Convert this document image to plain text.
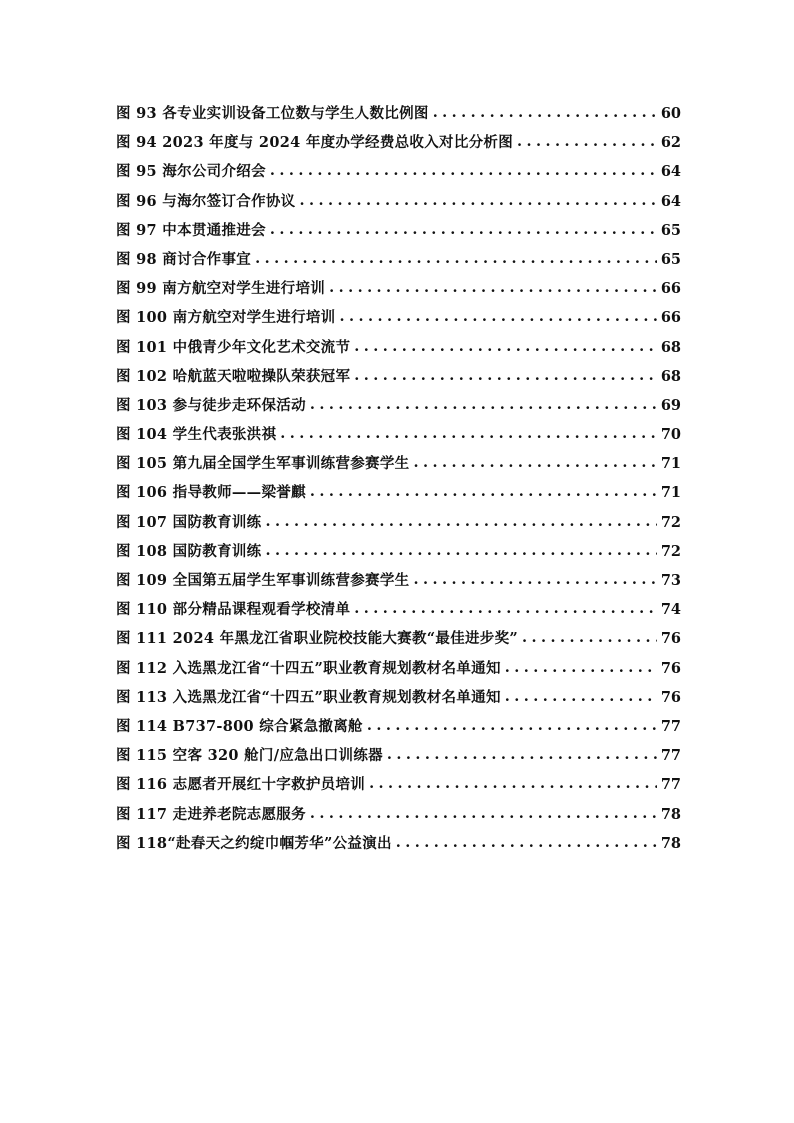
图 93 各专业实训设备工位数与学生人数比例图 . . .	60
图 94 2023 年度与 2024 年度办学经费总收入对比分析图 . . .	62
图 95 海尔公司介绍会 . . .	64
图 96 与海尔签订合作协议 . . .	64
图 97 中本贯通推进会 . . .	65
图 98 商讨合作事宜 . . .	65
图 99 南方航空对学生进行培训 . . .	66
图 100 南方航空对学生进行培训 . . .	66
图 101 中俄青少年文化艺术交流节 . . .	68
图 102 哈航蓝天啦啦操队荣获冠军 . . .	68
图 103 参与徒步走环保活动 . . .	69
图 104 学生代表张洪祺 . . .	70
图 105 第九届全国学生军事训练营参赛学生 . . .	71
图 106 指导教师——梁誉麒 . . .	71
图 107 国防教育训练 . . .	72
图 108 国防教育训练 . . .	72
图 109 全国第五届学生军事训练营参赛学生 . . .	73
图 110 部分精品课程观看学校清单 . . .	74
图 111 2024 年黑龙江省职业院校技能大赛教“最佳进步奖” . . .	76
图 112 入选黑龙江省“十四五”职业教育规划教材名单通知 . . .	76
图 113 入选黑龙江省“十四五”职业教育规划教材名单通知 . . .	76
图 114 B737-800 综合紧急撤离舱 . . .	77
图 115 空客 320 舱门/应急出口训练器 . . .	77
图 116 志愿者开展红十字救护员培训 . . .	77
图 117 走进养老院志愿服务 . . .	78
图 118“赴春天之约绽巾帼芳华”公益演出 . . .	78
